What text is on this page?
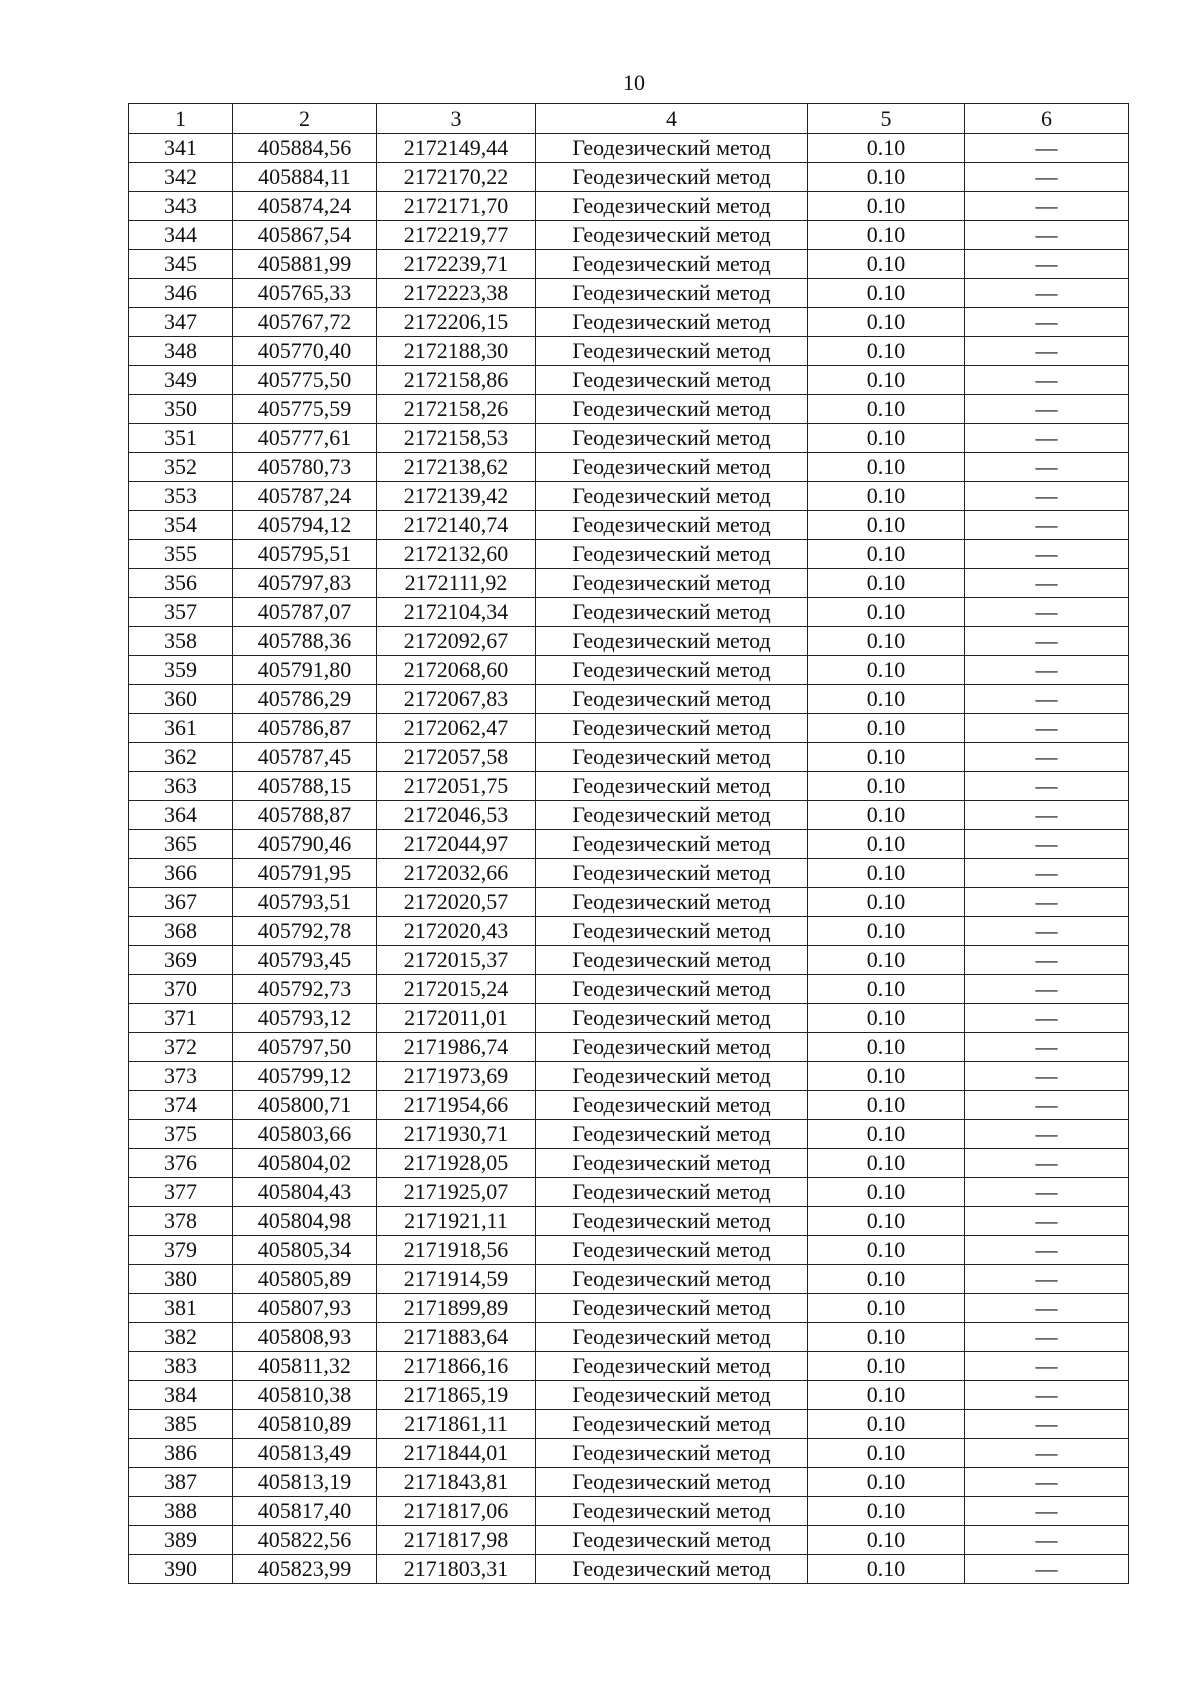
10
1	2	3	4	5	6
341	405884,56	2172149,44	Геодезический метод	0.10	—
342	405884,11	2172170,22	Геодезический метод	0.10	—
343	405874,24	2172171,70	Геодезический метод	0.10	—
344	405867,54	2172219,77	Геодезический метод	0.10	—
345	405881,99	2172239,71	Геодезический метод	0.10	—
346	405765,33	2172223,38	Геодезический метод	0.10	—
347	405767,72	2172206,15	Геодезический метод	0.10	—
348	405770,40	2172188,30	Геодезический метод	0.10	—
349	405775,50	2172158,86	Геодезический метод	0.10	—
350	405775,59	2172158,26	Геодезический метод	0.10	—
351	405777,61	2172158,53	Геодезический метод	0.10	—
352	405780,73	2172138,62	Геодезический метод	0.10	—
353	405787,24	2172139,42	Геодезический метод	0.10	—
354	405794,12	2172140,74	Геодезический метод	0.10	—
355	405795,51	2172132,60	Геодезический метод	0.10	—
356	405797,83	2172111,92	Геодезический метод	0.10	—
357	405787,07	2172104,34	Геодезический метод	0.10	—
358	405788,36	2172092,67	Геодезический метод	0.10	—
359	405791,80	2172068,60	Геодезический метод	0.10	—
360	405786,29	2172067,83	Геодезический метод	0.10	—
361	405786,87	2172062,47	Геодезический метод	0.10	—
362	405787,45	2172057,58	Геодезический метод	0.10	—
363	405788,15	2172051,75	Геодезический метод	0.10	—
364	405788,87	2172046,53	Геодезический метод	0.10	—
365	405790,46	2172044,97	Геодезический метод	0.10	—
366	405791,95	2172032,66	Геодезический метод	0.10	—
367	405793,51	2172020,57	Геодезический метод	0.10	—
368	405792,78	2172020,43	Геодезический метод	0.10	—
369	405793,45	2172015,37	Геодезический метод	0.10	—
370	405792,73	2172015,24	Геодезический метод	0.10	—
371	405793,12	2172011,01	Геодезический метод	0.10	—
372	405797,50	2171986,74	Геодезический метод	0.10	—
373	405799,12	2171973,69	Геодезический метод	0.10	—
374	405800,71	2171954,66	Геодезический метод	0.10	—
375	405803,66	2171930,71	Геодезический метод	0.10	—
376	405804,02	2171928,05	Геодезический метод	0.10	—
377	405804,43	2171925,07	Геодезический метод	0.10	—
378	405804,98	2171921,11	Геодезический метод	0.10	—
379	405805,34	2171918,56	Геодезический метод	0.10	—
380	405805,89	2171914,59	Геодезический метод	0.10	—
381	405807,93	2171899,89	Геодезический метод	0.10	—
382	405808,93	2171883,64	Геодезический метод	0.10	—
383	405811,32	2171866,16	Геодезический метод	0.10	—
384	405810,38	2171865,19	Геодезический метод	0.10	—
385	405810,89	2171861,11	Геодезический метод	0.10	—
386	405813,49	2171844,01	Геодезический метод	0.10	—
387	405813,19	2171843,81	Геодезический метод	0.10	—
388	405817,40	2171817,06	Геодезический метод	0.10	—
389	405822,56	2171817,98	Геодезический метод	0.10	—
390	405823,99	2171803,31	Геодезический метод	0.10	—
